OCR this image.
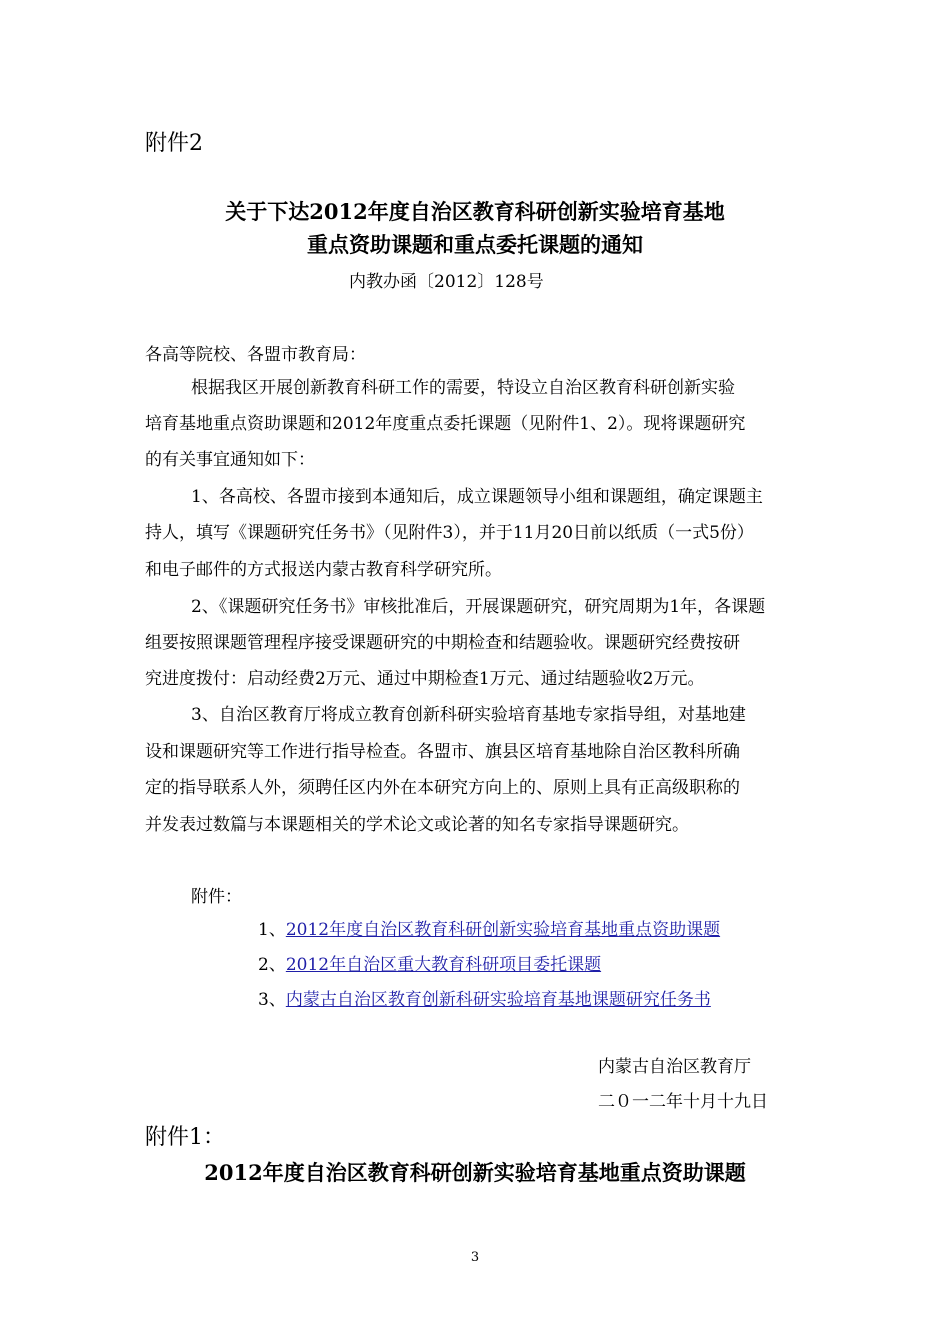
附件2
关于下达2012年度自治区教育科研创新实验培育基地
重点资助课题和重点委托课题的通知
内教办函〔2012〕128号
各高等院校、各盟市教育局：
根据我区开展创新教育科研工作的需要，特设立自治区教育科研创新实验
培育基地重点资助课题和2012年度重点委托课题（见附件1、2）。现将课题研究
的有关事宜通知如下：
1、各高校、各盟市接到本通知后，成立课题领导小组和课题组，确定课题主
持人，填写《课题研究任务书》（见附件3），并于11月20日前以纸质（一式5份）
和电子邮件的方式报送内蒙古教育科学研究所。
2、《课题研究任务书》审核批准后，开展课题研究，研究周期为1年，各课题
组要按照课题管理程序接受课题研究的中期检查和结题验收。课题研究经费按研
究进度拨付：启动经费2万元、通过中期检查1万元、通过结题验收2万元。
3、自治区教育厅将成立教育创新科研实验培育基地专家指导组，对基地建
设和课题研究等工作进行指导检查。各盟市、旗县区培育基地除自治区教科所确
定的指导联系人外，须聘任区内外在本研究方向上的、原则上具有正高级职称的
并发表过数篇与本课题相关的学术论文或论著的知名专家指导课题研究。
附件：
1、2012年度自治区教育科研创新实验培育基地重点资助课题
2、2012年自治区重大教育科研项目委托课题
3、内蒙古自治区教育创新科研实验培育基地课题研究任务书
内蒙古自治区教育厅
二０一二年十月十九日
附件1：
2012年度自治区教育科研创新实验培育基地重点资助课题
3
